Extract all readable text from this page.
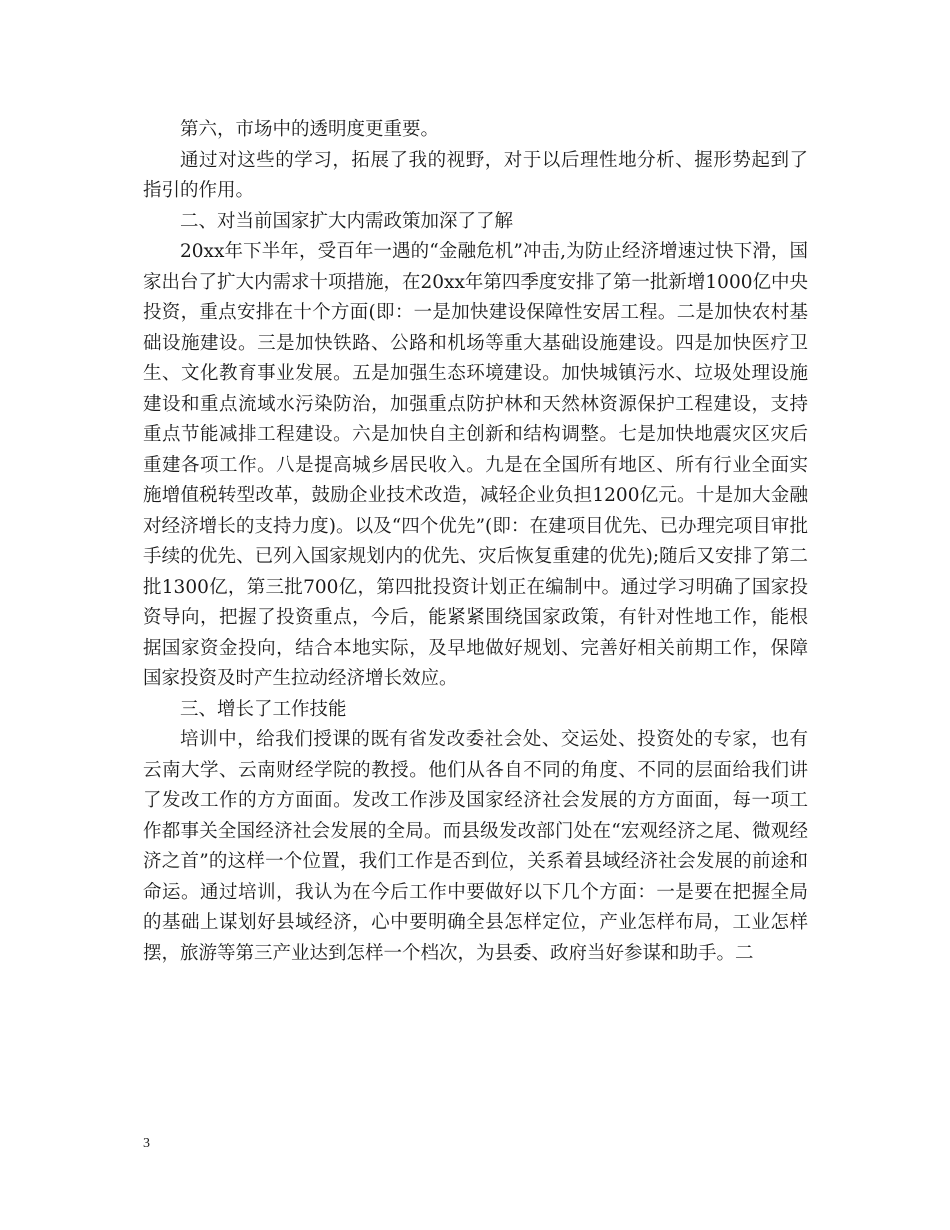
第六，市场中的透明度更重要。

通过对这些的学习，拓展了我的视野，对于以后理性地分析、握形势起到了指引的作用。

二、对当前国家扩大内需政策加深了了解

20xx年下半年，受百年一遇的“金融危机”冲击,为防止经济增速过快下滑，国家出台了扩大内需求十项措施，在20xx年第四季度安排了第一批新增1000亿中央投资，重点安排在十个方面(即：一是加快建设保障性安居工程。二是加快农村基础设施建设。三是加快铁路、公路和机场等重大基础设施建设。四是加快医疗卫生、文化教育事业发展。五是加强生态环境建设。加快城镇污水、垃圾处理设施建设和重点流域水污染防治，加强重点防护林和天然林资源保护工程建设，支持重点节能减排工程建设。六是加快自主创新和结构调整。七是加快地震灾区灾后重建各项工作。八是提高城乡居民收入。九是在全国所有地区、所有行业全面实施增值税转型改革，鼓励企业技术改造，减轻企业负担1200亿元。十是加大金融对经济增长的支持力度)。以及“四个优先”(即：在建项目优先、已办理完项目审批手续的优先、已列入国家规划内的优先、灾后恢复重建的优先);随后又安排了第二批1300亿，第三批700亿，第四批投资计划正在编制中。通过学习明确了国家投资导向，把握了投资重点，今后，能紧紧围绕国家政策，有针对性地工作，能根据国家资金投向，结合本地实际，及早地做好规划、完善好相关前期工作，保障国家投资及时产生拉动经济增长效应。

三、增长了工作技能

培训中，给我们授课的既有省发改委社会处、交运处、投资处的专家，也有云南大学、云南财经学院的教授。他们从各自不同的角度、不同的层面给我们讲了发改工作的方方面面。发改工作涉及国家经济社会发展的方方面面，每一项工作都事关全国经济社会发展的全局。而县级发改部门处在“宏观经济之尾、微观经济之首”的这样一个位置，我们工作是否到位，关系着县域经济社会发展的前途和命运。通过培训，我认为在今后工作中要做好以下几个方面：一是要在把握全局的基础上谋划好县域经济，心中要明确全县怎样定位，产业怎样布局，工业怎样摆，旅游等第三产业达到怎样一个档次，为县委、政府当好参谋和助手。二

3
